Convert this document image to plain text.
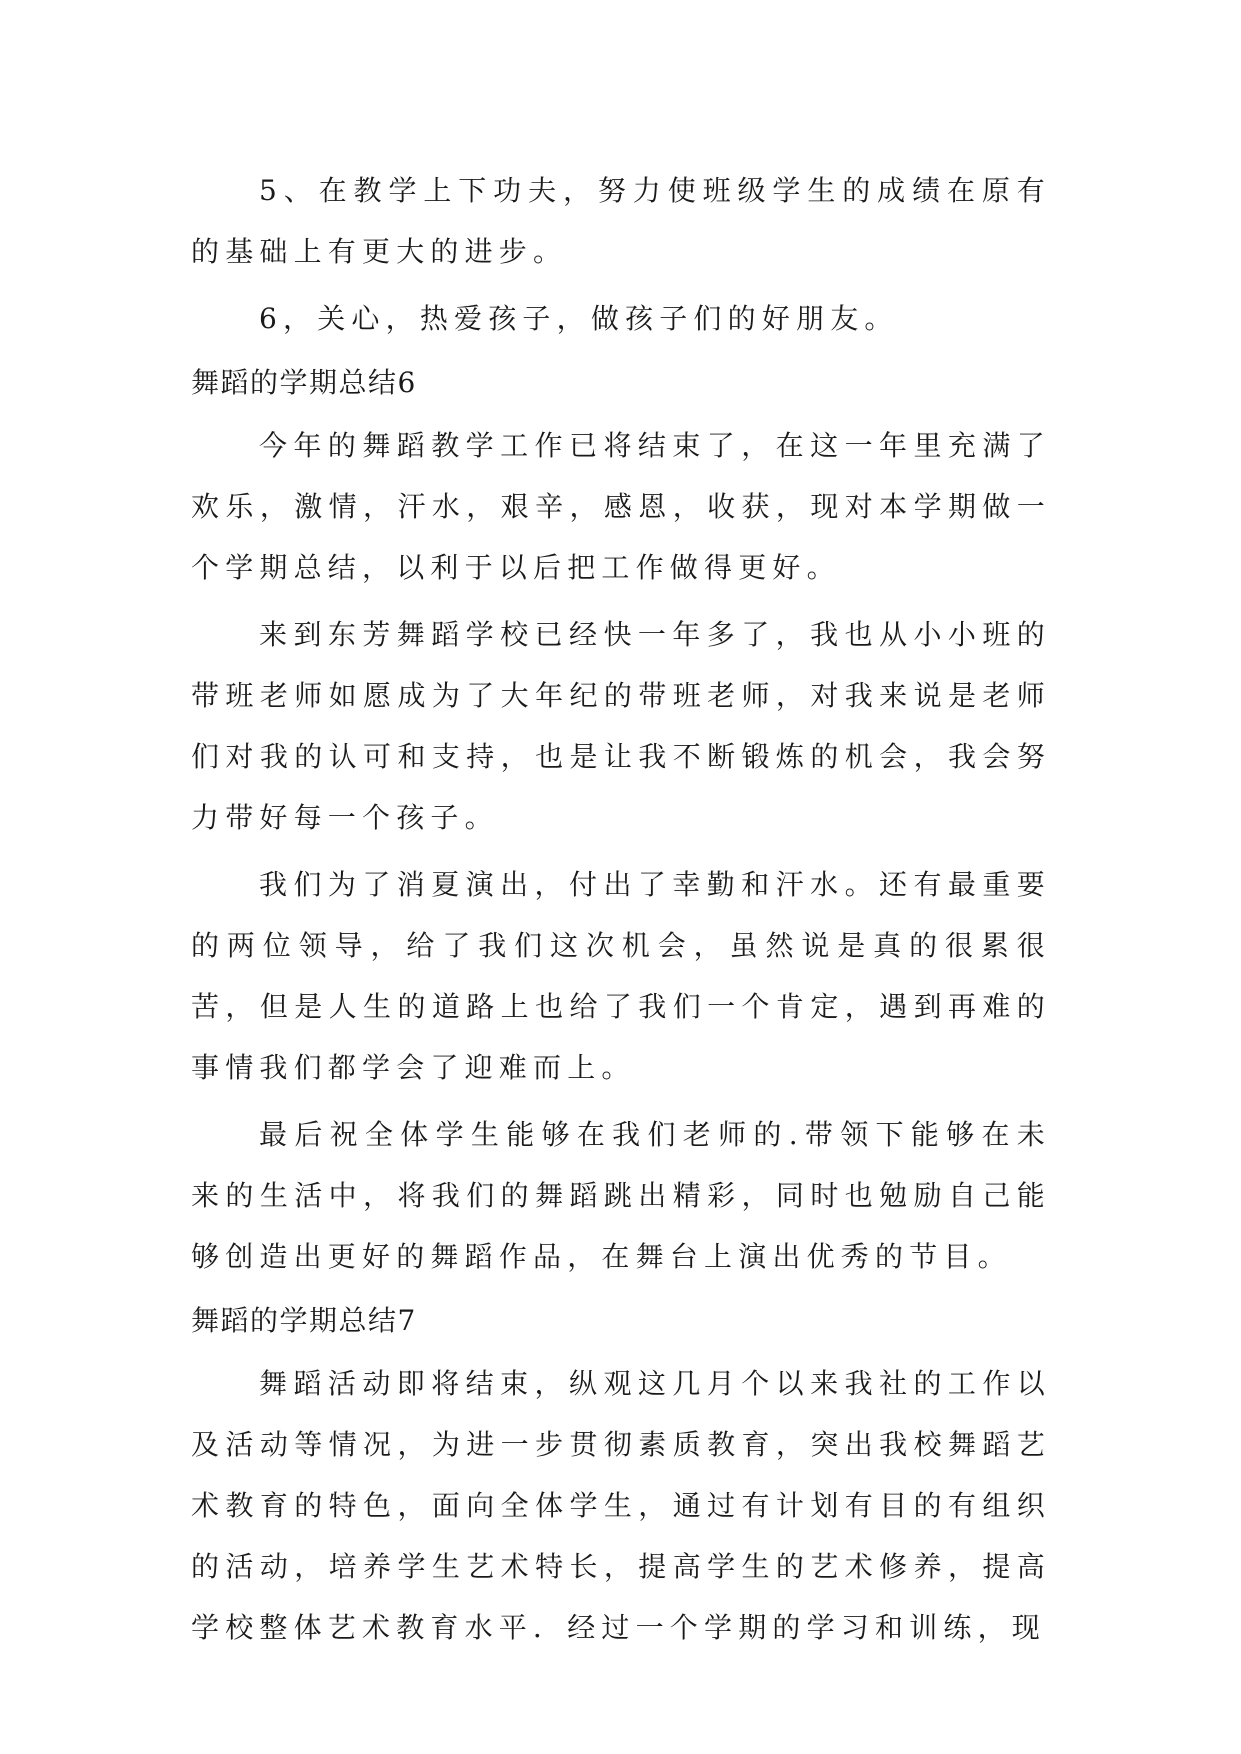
5、在教学上下功夫，努力使班级学生的成绩在原有的基础上有更大的进步。

6，关心，热爱孩子，做孩子们的好朋友。

舞蹈的学期总结6

今年的舞蹈教学工作已将结束了，在这一年里充满了欢乐，激情，汗水，艰辛，感恩，收获，现对本学期做一个学期总结，以利于以后把工作做得更好。

来到东芳舞蹈学校已经快一年多了，我也从小小班的带班老师如愿成为了大年纪的带班老师，对我来说是老师们对我的认可和支持，也是让我不断锻炼的机会，我会努力带好每一个孩子。

我们为了消夏演出，付出了幸勤和汗水。还有最重要的两位领导，给了我们这次机会，虽然说是真的很累很苦，但是人生的道路上也给了我们一个肯定，遇到再难的事情我们都学会了迎难而上。

最后祝全体学生能够在我们老师的.带领下能够在未来的生活中，将我们的舞蹈跳出精彩，同时也勉励自己能够创造出更好的舞蹈作品，在舞台上演出优秀的节目。

舞蹈的学期总结7

舞蹈活动即将结束，纵观这几月个以来我社的工作以及活动等情况，为进一步贯彻素质教育，突出我校舞蹈艺术教育的特色，面向全体学生，通过有计划有目的有组织的活动，培养学生艺术特长，提高学生的艺术修养，提高学校整体艺术教育水平．经过一个学期的学习和训练，现
